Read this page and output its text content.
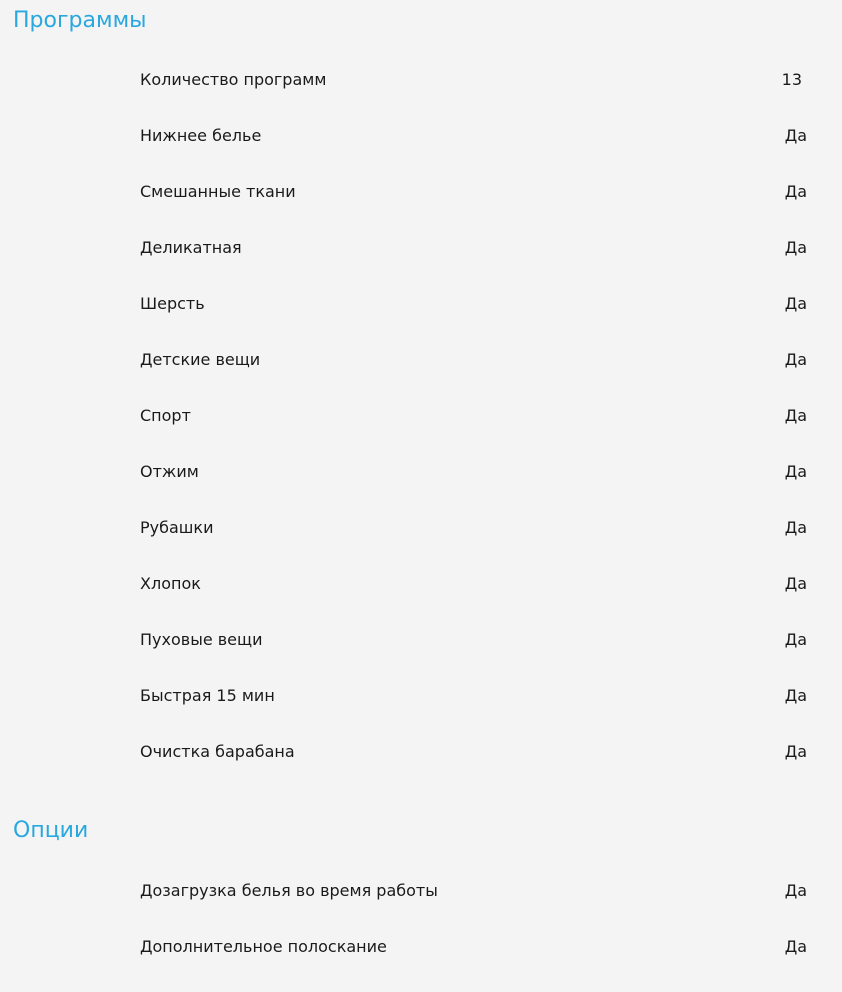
Программы
Количество программ	13
Нижнее белье	Да
Смешанные ткани	Да
Деликатная	Да
Шерсть	Да
Детские вещи	Да
Спорт	Да
Отжим	Да
Рубашки	Да
Хлопок	Да
Пуховые вещи	Да
Быстрая 15 мин	Да
Очистка барабана	Да
Опции
Дозагрузка белья во время работы	Да
Дополнительное полоскание	Да
